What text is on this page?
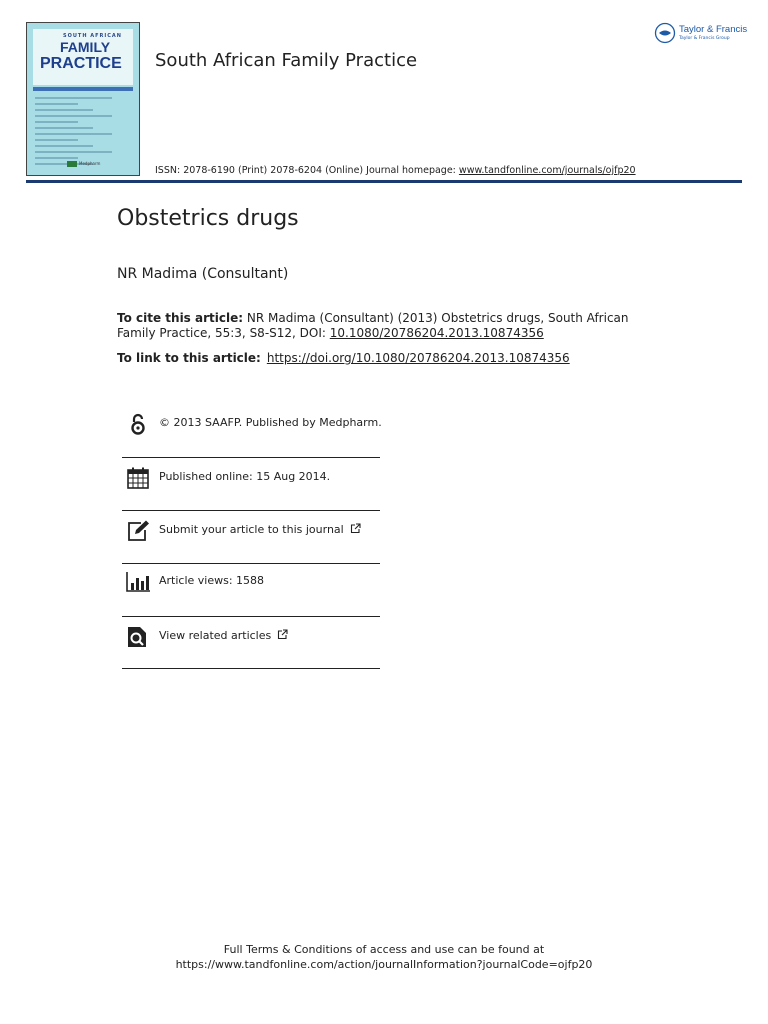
SOUTH AFRICAN
FAMILY
PRACTICE
Medpharm
South African Family Practice
ISSN: 2078-6190 (Print) 2078-6204 (Online) Journal homepage: www.tandfonline.com/journals/ojfp20
Taylor & Francis
Taylor & Francis Group
Obstetrics drugs
NR Madima (Consultant)
To cite this article: NR Madima (Consultant) (2013) Obstetrics drugs, South African Family Practice, 55:3, S8-S12, DOI: 10.1080/20786204.2013.10874356
To link to this article: https://doi.org/10.1080/20786204.2013.10874356
© 2013 SAAFP. Published by Medpharm.
Published online: 15 Aug 2014.
Submit your article to this journal
Article views: 1588
View related articles
Full Terms & Conditions of access and use can be found at
https://www.tandfonline.com/action/journalInformation?journalCode=ojfp20
